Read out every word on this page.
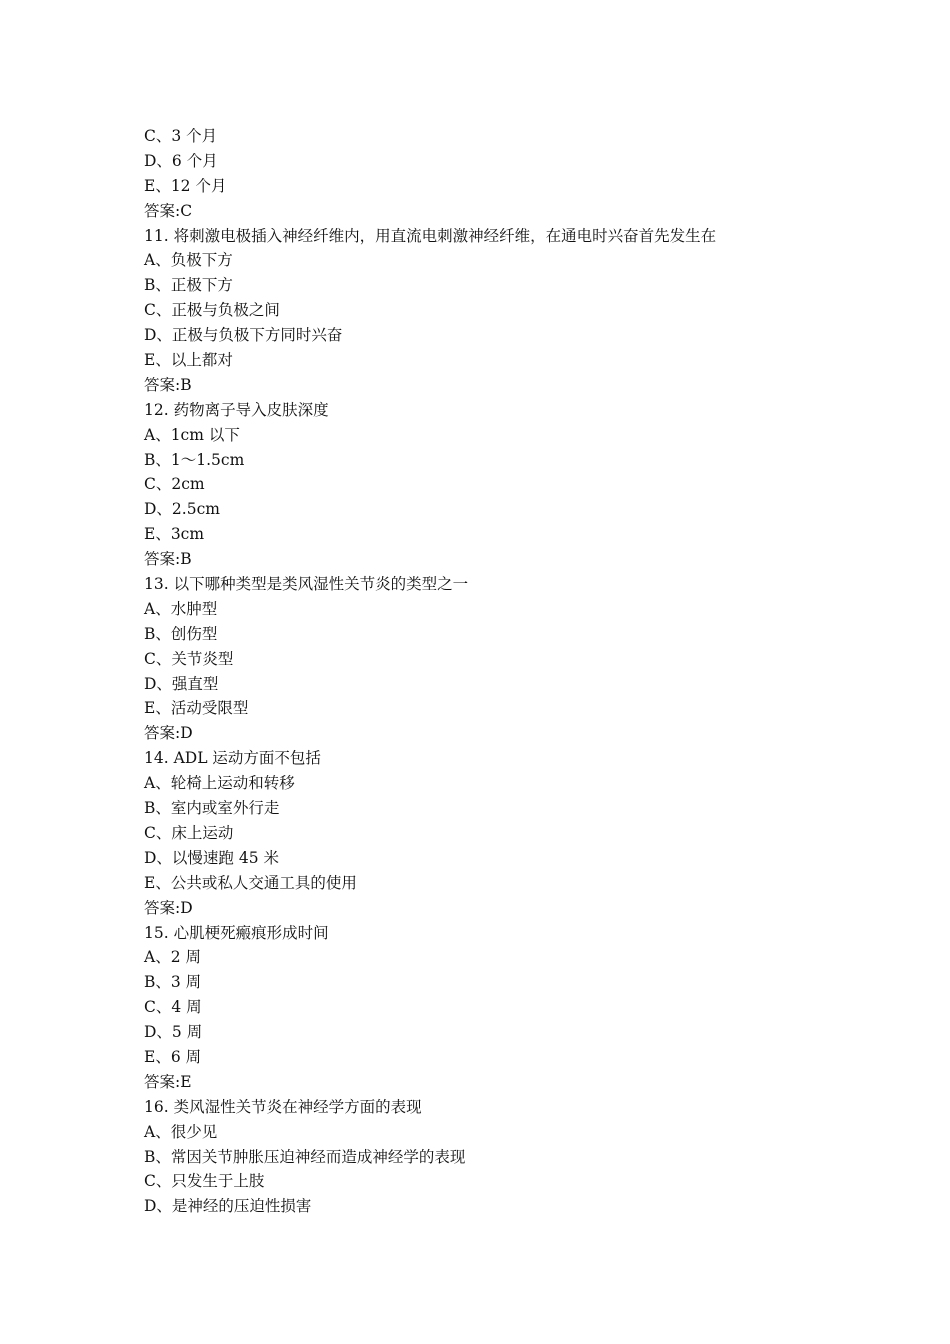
C、3 个月
D、6 个月
E、12 个月
答案:C
11. 将刺激电极插入神经纤维内，用直流电刺激神经纤维，在通电时兴奋首先发生在
A、负极下方
B、正极下方
C、正极与负极之间
D、正极与负极下方同时兴奋
E、以上都对
答案:B
12. 药物离子导入皮肤深度
A、1cm 以下
B、1～1.5cm
C、2cm
D、2.5cm
E、3cm
答案:B
13. 以下哪种类型是类风湿性关节炎的类型之一
A、水肿型
B、创伤型
C、关节炎型
D、强直型
E、活动受限型
答案:D
14. ADL 运动方面不包括
A、轮椅上运动和转移
B、室内或室外行走
C、床上运动
D、以慢速跑 45 米
E、公共或私人交通工具的使用
答案:D
15. 心肌梗死瘢痕形成时间
A、2 周
B、3 周
C、4 周
D、5 周
E、6 周
答案:E
16. 类风湿性关节炎在神经学方面的表现
A、很少见
B、常因关节肿胀压迫神经而造成神经学的表现
C、只发生于上肢
D、是神经的压迫性损害
